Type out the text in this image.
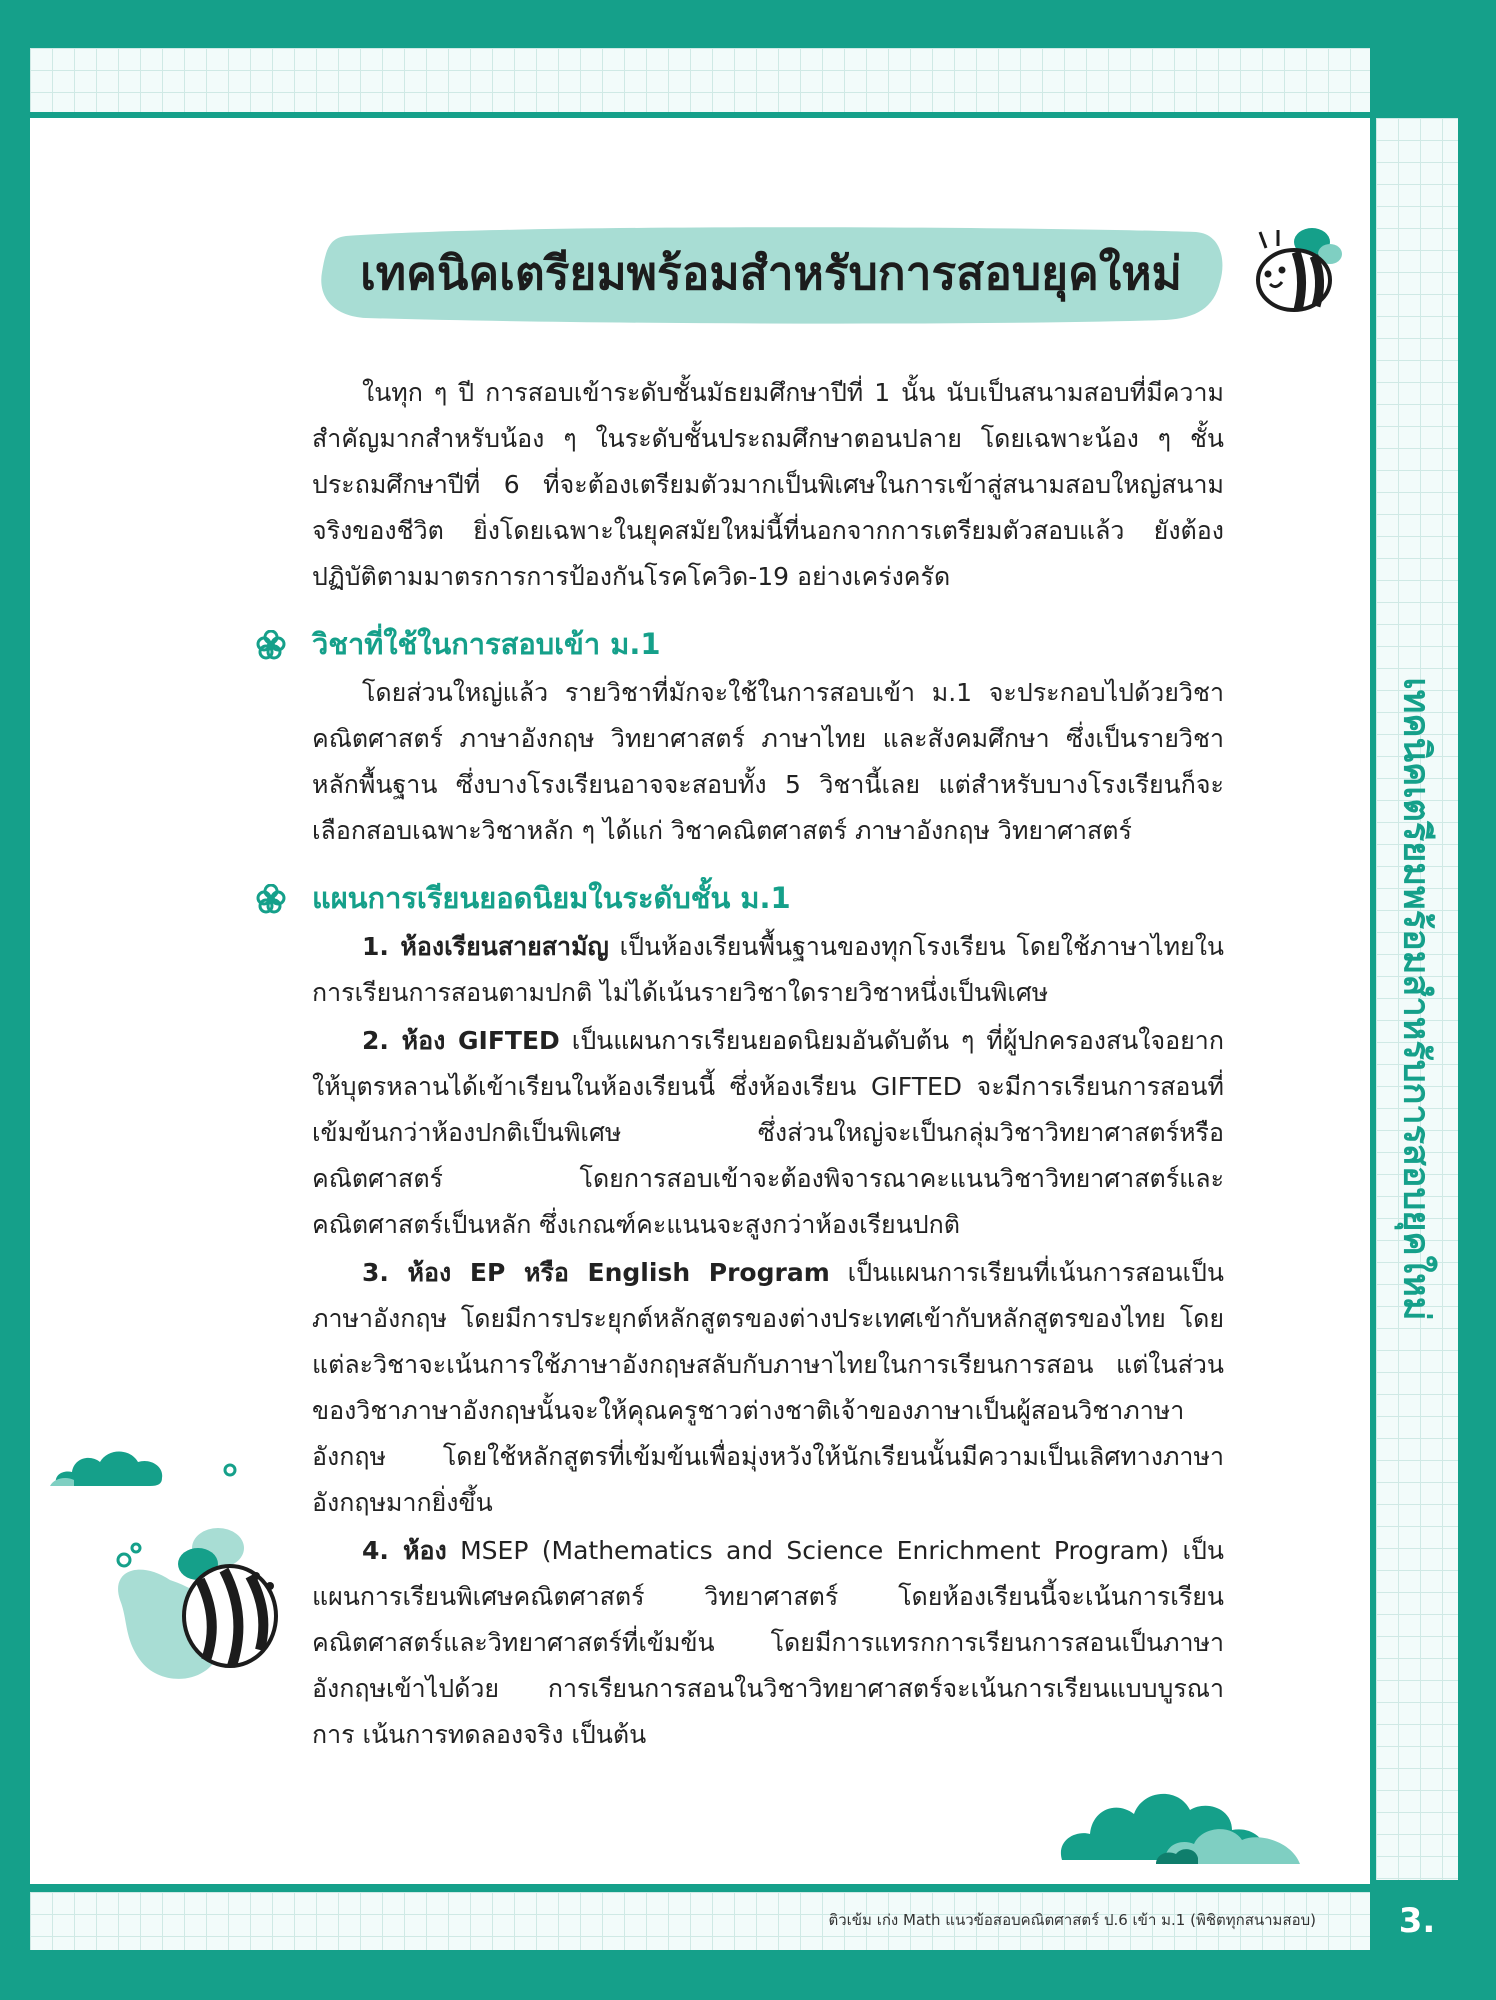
เทคนิคเตรียมพร้อมสำหรับการสอบยุคใหม่

ในทุก ๆ ปี การสอบเข้าระดับชั้นมัธยมศึกษาปีที่ 1 นั้น นับเป็นสนามสอบที่มีความสำคัญมากสำหรับน้อง ๆ ในระดับชั้นประถมศึกษาตอนปลาย โดยเฉพาะน้อง ๆ ชั้นประถมศึกษาปีที่ 6 ที่จะต้องเตรียมตัวมากเป็นพิเศษในการเข้าสู่สนามสอบใหญ่สนามจริงของชีวิต ยิ่งโดยเฉพาะในยุคสมัยใหม่นี้ที่นอกจากการเตรียมตัวสอบแล้ว ยังต้องปฏิบัติตามมาตรการการป้องกันโรคโควิด-19 อย่างเคร่งครัด

วิชาที่ใช้ในการสอบเข้า ม.1

โดยส่วนใหญ่แล้ว รายวิชาที่มักจะใช้ในการสอบเข้า ม.1 จะประกอบไปด้วยวิชาคณิตศาสตร์ ภาษาอังกฤษ วิทยาศาสตร์ ภาษาไทย และสังคมศึกษา ซึ่งเป็นรายวิชาหลักพื้นฐาน ซึ่งบางโรงเรียนอาจจะสอบทั้ง 5 วิชานี้เลย แต่สำหรับบางโรงเรียนก็จะเลือกสอบเฉพาะวิชาหลัก ๆ ได้แก่ วิชาคณิตศาสตร์ ภาษาอังกฤษ วิทยาศาสตร์

แผนการเรียนยอดนิยมในระดับชั้น ม.1

1. ห้องเรียนสายสามัญ เป็นห้องเรียนพื้นฐานของทุกโรงเรียน โดยใช้ภาษาไทยในการเรียนการสอนตามปกติ ไม่ได้เน้นรายวิชาใดรายวิชาหนึ่งเป็นพิเศษ

2. ห้อง GIFTED เป็นแผนการเรียนยอดนิยมอันดับต้น ๆ ที่ผู้ปกครองสนใจอยากให้บุตรหลานได้เข้าเรียนในห้องเรียนนี้ ซึ่งห้องเรียน GIFTED จะมีการเรียนการสอนที่เข้มข้นกว่าห้องปกติเป็นพิเศษ ซึ่งส่วนใหญ่จะเป็นกลุ่มวิชาวิทยาศาสตร์หรือคณิตศาสตร์ โดยการสอบเข้าจะต้องพิจารณาคะแนนวิชาวิทยาศาสตร์และคณิตศาสตร์เป็นหลัก ซึ่งเกณฑ์คะแนนจะสูงกว่าห้องเรียนปกติ

3. ห้อง EP หรือ English Program เป็นแผนการเรียนที่เน้นการสอนเป็นภาษาอังกฤษ โดยมีการประยุกต์หลักสูตรของต่างประเทศเข้ากับหลักสูตรของไทย โดยแต่ละวิชาจะเน้นการใช้ภาษาอังกฤษสลับกับภาษาไทยในการเรียนการสอน แต่ในส่วนของวิชาภาษาอังกฤษนั้นจะให้คุณครูชาวต่างชาติเจ้าของภาษาเป็นผู้สอนวิชาภาษาอังกฤษ โดยใช้หลักสูตรที่เข้มข้นเพื่อมุ่งหวังให้นักเรียนนั้นมีความเป็นเลิศทางภาษาอังกฤษมากยิ่งขึ้น

4. ห้อง MSEP (Mathematics and Science Enrichment Program) เป็นแผนการเรียนพิเศษคณิตศาสตร์ วิทยาศาสตร์ โดยห้องเรียนนี้จะเน้นการเรียนคณิตศาสตร์และวิทยาศาสตร์ที่เข้มข้น โดยมีการแทรกการเรียนการสอนเป็นภาษาอังกฤษเข้าไปด้วย การเรียนการสอนในวิชาวิทยาศาสตร์จะเน้นการเรียนแบบบูรณาการ เน้นการทดลองจริง เป็นต้น

เทคนิคเตรียมพร้อมสำหรับการสอบยุคใหม่
ติวเข้ม เก่ง Math แนวข้อสอบคณิตศาสตร์ ป.6 เข้า ม.1 (พิชิตทุกสนามสอบ)	3.
